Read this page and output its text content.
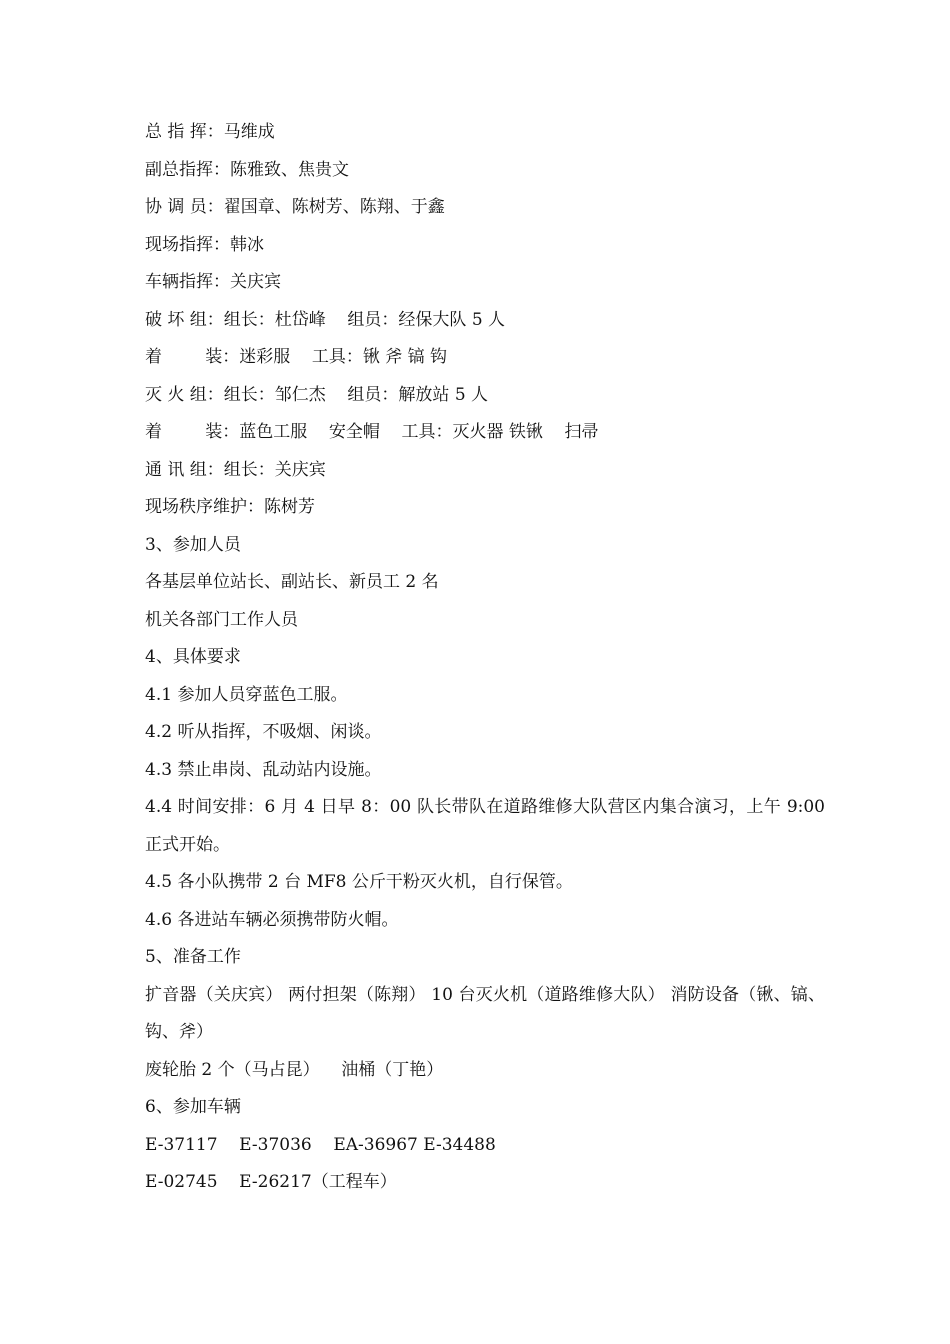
总 指 挥：马维成
副总指挥：陈雅致、焦贵文
协 调 员：翟国章、陈树芳、陈翔、于鑫
现场指挥：韩冰
车辆指挥：关庆宾
破 坏 组：组长：杜岱峰    组员：经保大队 5 人
着        装：迷彩服    工具：锹 斧 镐 钩
灭 火 组：组长：邹仁杰    组员：解放站 5 人
着        装：蓝色工服    安全帽    工具：灭火器 铁锹    扫帚
通 讯 组：组长：关庆宾
现场秩序维护：陈树芳
3、参加人员
各基层单位站长、副站长、新员工 2 名
机关各部门工作人员
4、具体要求
4.1 参加人员穿蓝色工服。
4.2 听从指挥，不吸烟、闲谈。
4.3 禁止串岗、乱动站内设施。
4.4 时间安排：6 月 4 日早 8：00 队长带队在道路维修大队营区内集合演习，上午 9:00 正式开始。
4.5 各小队携带 2 台 MF8 公斤干粉灭火机，自行保管。
4.6 各进站车辆必须携带防火帽。
5、准备工作
扩音器（关庆宾） 两付担架（陈翔） 10 台灭火机（道路维修大队） 消防设备（锹、镐、钩、斧）
废轮胎 2 个（马占昆）    油桶（丁艳）
6、参加车辆
E-37117    E-37036    EA-36967 E-34488
E-02745    E-26217（工程车）
